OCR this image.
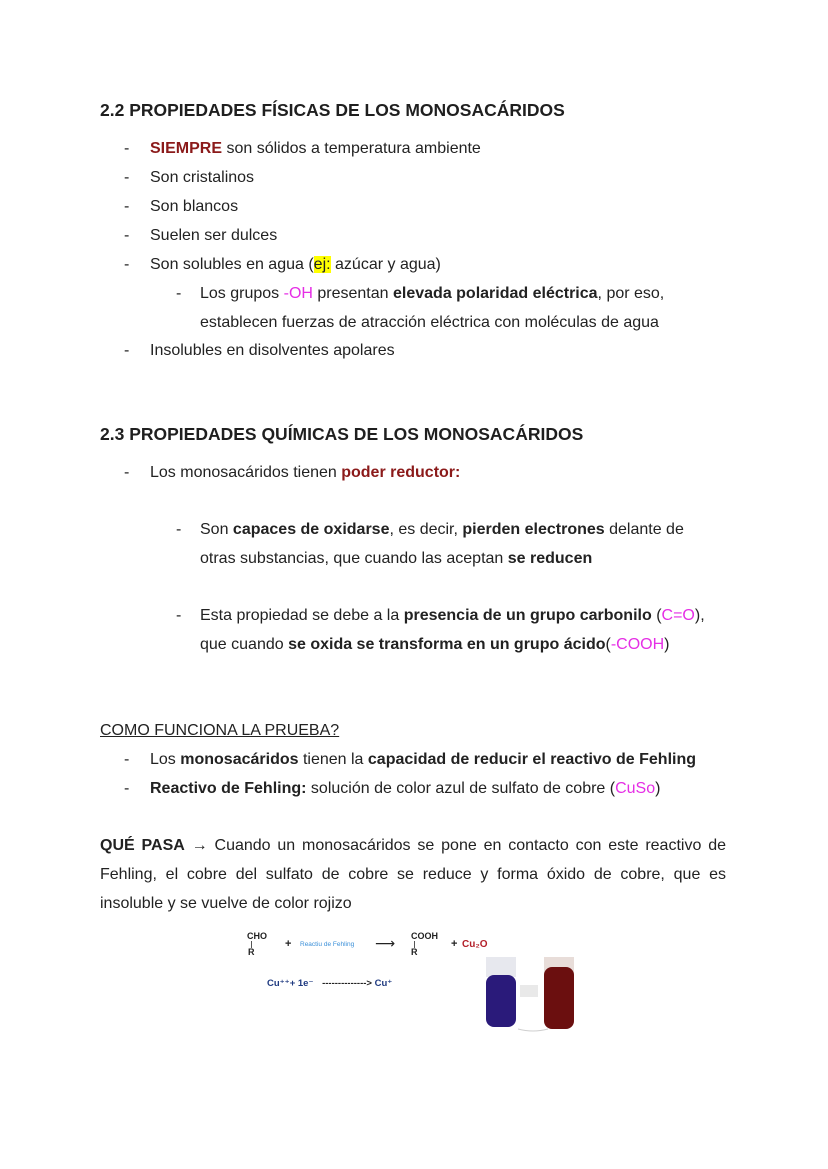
2.2 PROPIEDADES FÍSICAS DE LOS MONOSACÁRIDOS
- SIEMPRE son sólidos a temperatura ambiente
- Son cristalinos
- Son blancos
- Suelen ser dulces
- Son solubles en agua (ej: azúcar y agua)
- Los grupos -OH presentan elevada polaridad eléctrica, por eso,
establecen fuerzas de atracción eléctrica con moléculas de agua
- Insolubles en disolventes apolares
2.3 PROPIEDADES QUÍMICAS DE LOS MONOSACÁRIDOS
- Los monosacáridos tienen poder reductor:
- Son capaces de oxidarse, es decir, pierden electrones delante de
otras substancias, que cuando las aceptan se reducen
- Esta propiedad se debe a la presencia de un grupo carbonilo (C=O),
que cuando se oxida se transforma en un grupo ácido(-COOH)
COMO FUNCIONA LA PRUEBA?
- Los monosacáridos tienen la capacidad de reducir el reactivo de Fehling
- Reactivo de Fehling: solución de color azul de sulfato de cobre (CuSo)
QUÉ PASA → Cuando un monosacáridos se pone en contacto con este reactivo de Fehling, el cobre del sulfato de cobre se reduce y forma óxido de cobre, que es insoluble y se vuelve de color rojizo
CHO
R
+ Reactiu de Fehling ⟶ COOH
R
+ Cu₂O
Cu⁺⁺+ 1e⁻ --------------> Cu⁺
